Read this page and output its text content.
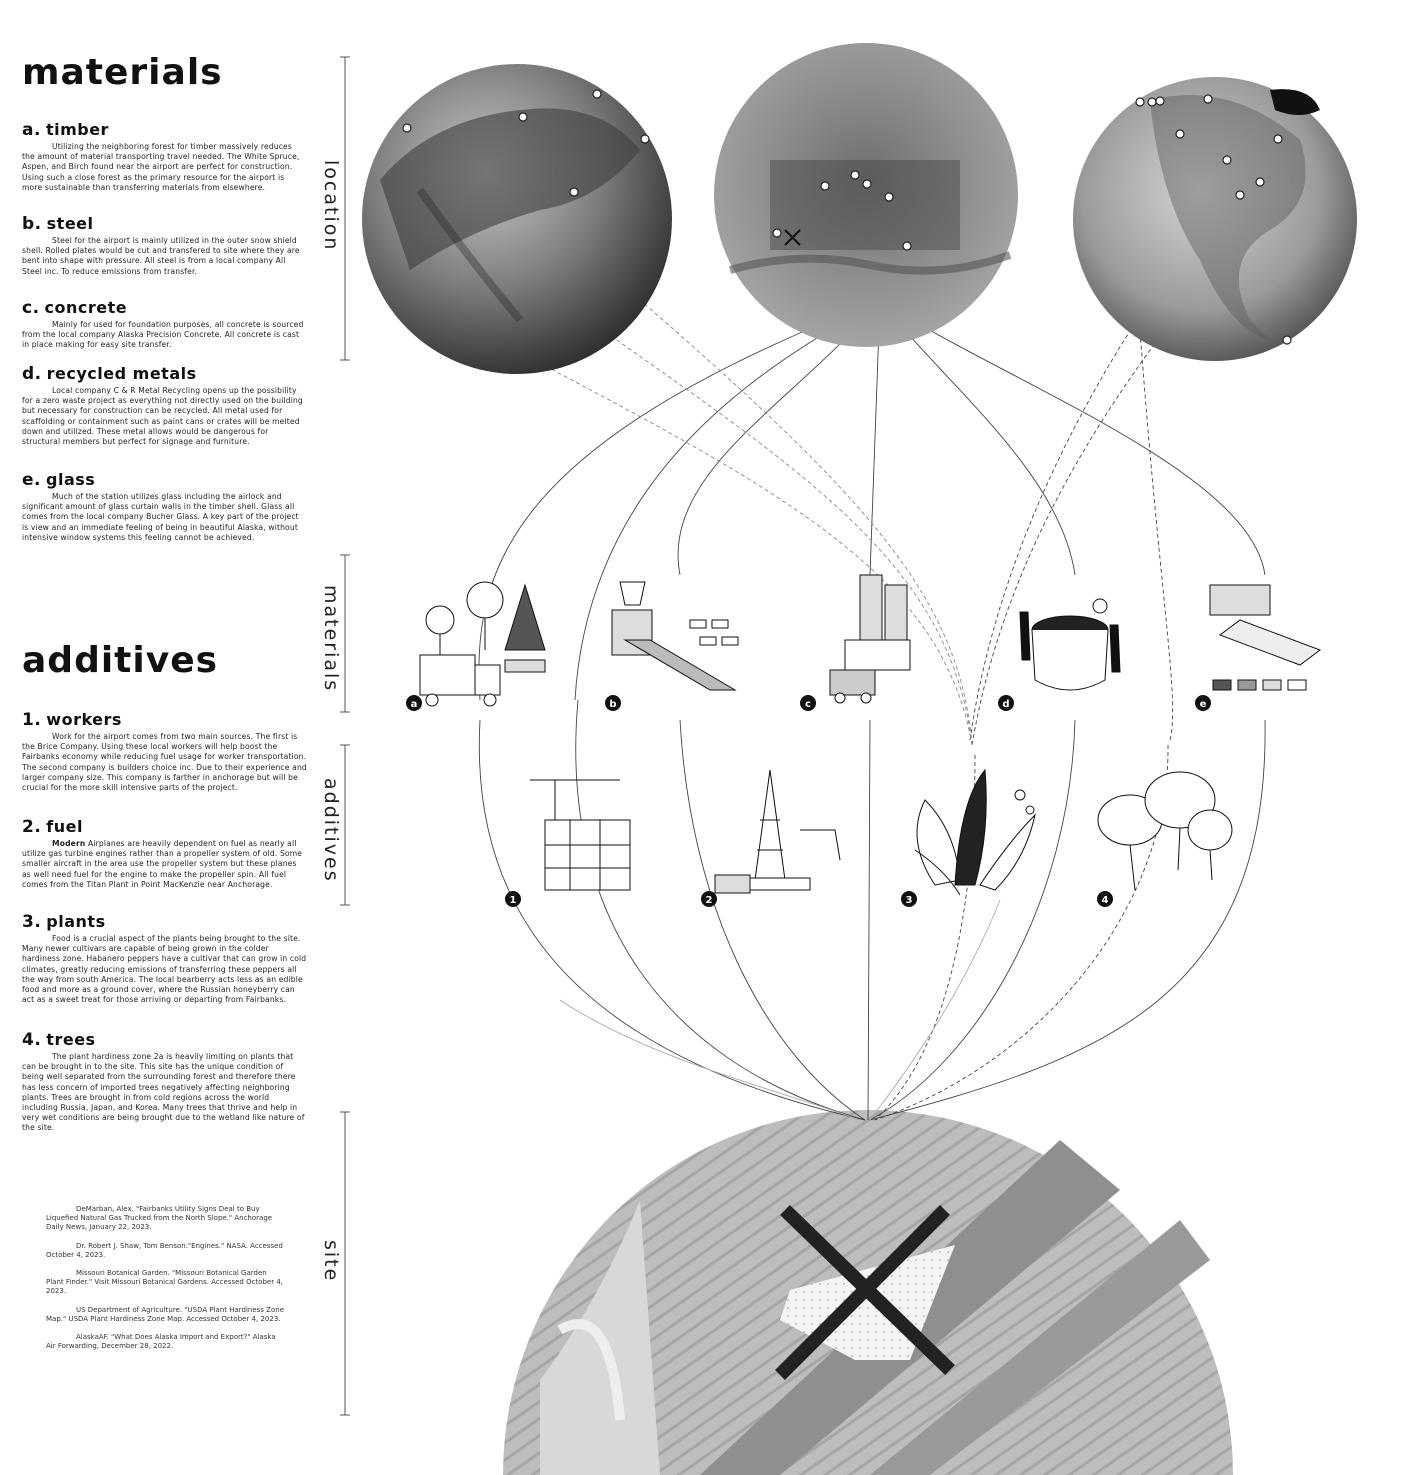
materials

a. timber

Utilizing the neighboring forest for timber massively reduces the amount of material transporting travel needed. The White Spruce, Aspen, and Birch found near the airport are perfect for construction. Using such a close forest as the primary resource for the airport is more sustainable than transferring materials from elsewhere.

b. steel

Steel for the airport is mainly utilized in the outer snow shield shell. Rolled plates would be cut and transfered to site where they are bent into shape with pressure. All steel is from a local company All Steel inc. To reduce emissions from transfer.

c. concrete

Mainly for used for foundation purposes, all concrete is sourced from the local company Alaska Precision Concrete. All concrete is cast in place making for easy site transfer.

d. recycled metals

Local company C & R Metal Recycling opens up the possibility for a zero waste project as everything not directly used on the building but necessary for construction can be recycled. All metal used for scaffolding or containment such as paint cans or crates will be melted down and utilized. These metal allows would be dangerous for structural members but perfect for signage and furniture.

e. glass

Much of the station utilizes glass including the airlock and significant amount of glass curtain walls in the timber shell. Glass all comes from the local company Bucher Glass. A key part of the project is view and an immediate feeling of being in beautiful Alaska, without intensive window systems this feeling cannot be achieved.

additives

1. workers

Work for the airport comes from two main sources. The first is the Brice Company. Using these local workers will help boost the Fairbanks economy while reducing fuel usage for worker transportation. The second company is builders choice inc. Due to their experience and larger company size. This company is farther in anchorage but will be crucial for the more skill intensive parts of the project.

2. fuel

Modern Airplanes are heavily dependent on fuel as nearly all utilize gas turbine engines rather than a propeller system of old. Some smaller aircraft in the area use the propeller system but these planes as well need fuel for the engine to make the propeller spin. All fuel comes from the Titan Plant in Point MacKenzie near Anchorage.

3. plants

Food is a crucial aspect of the plants being brought to the site. Many newer cultivars are capable of being grown in the colder hardiness zone. Habanero peppers have a cultivar that can grow in cold climates, greatly reducing emissions of transferring these peppers all the way from south America. The local bearberry acts less as an edible food and more as a ground cover, where the Russian honeyberry can act as a sweet treat for those arriving or departing from Fairbanks.

4. trees

The plant hardiness zone 2a is heavily limiting on plants that can be brought in to the site. This site has the unique condition of being well separated from the surrounding forest and therefore there has less concern of imported trees negatively affecting neighboring plants. Trees are brought in from cold regions across the world including Russia, Japan, and Korea. Many trees that thrive and help in very wet conditions are being brought due to the wetland like nature of the site.

DeMarban, Alex. "Fairbanks Utility Signs Deal to Buy Liquefied Natural Gas Trucked from the North Slope." Anchorage Daily News, January 22, 2023.

Dr. Robert J. Shaw, Tom Benson."Engines." NASA. Accessed October 4, 2023.

Missouri Botanical Garden. "Missouri Botanical Garden Plant Finder." Visit Missouri Botanical Gardens. Accessed October 4, 2023.

US Department of Agriculture. "USDA Plant Hardiness Zone Map." USDA Plant Hardiness Zone Map. Accessed October 4, 2023.

AlaskaAF. "What Does Alaska Import and Export?" Alaska Air Forwarding, December 28, 2022.

location
materials
additives
site
a	b	c	d	e
1	2	3	4
